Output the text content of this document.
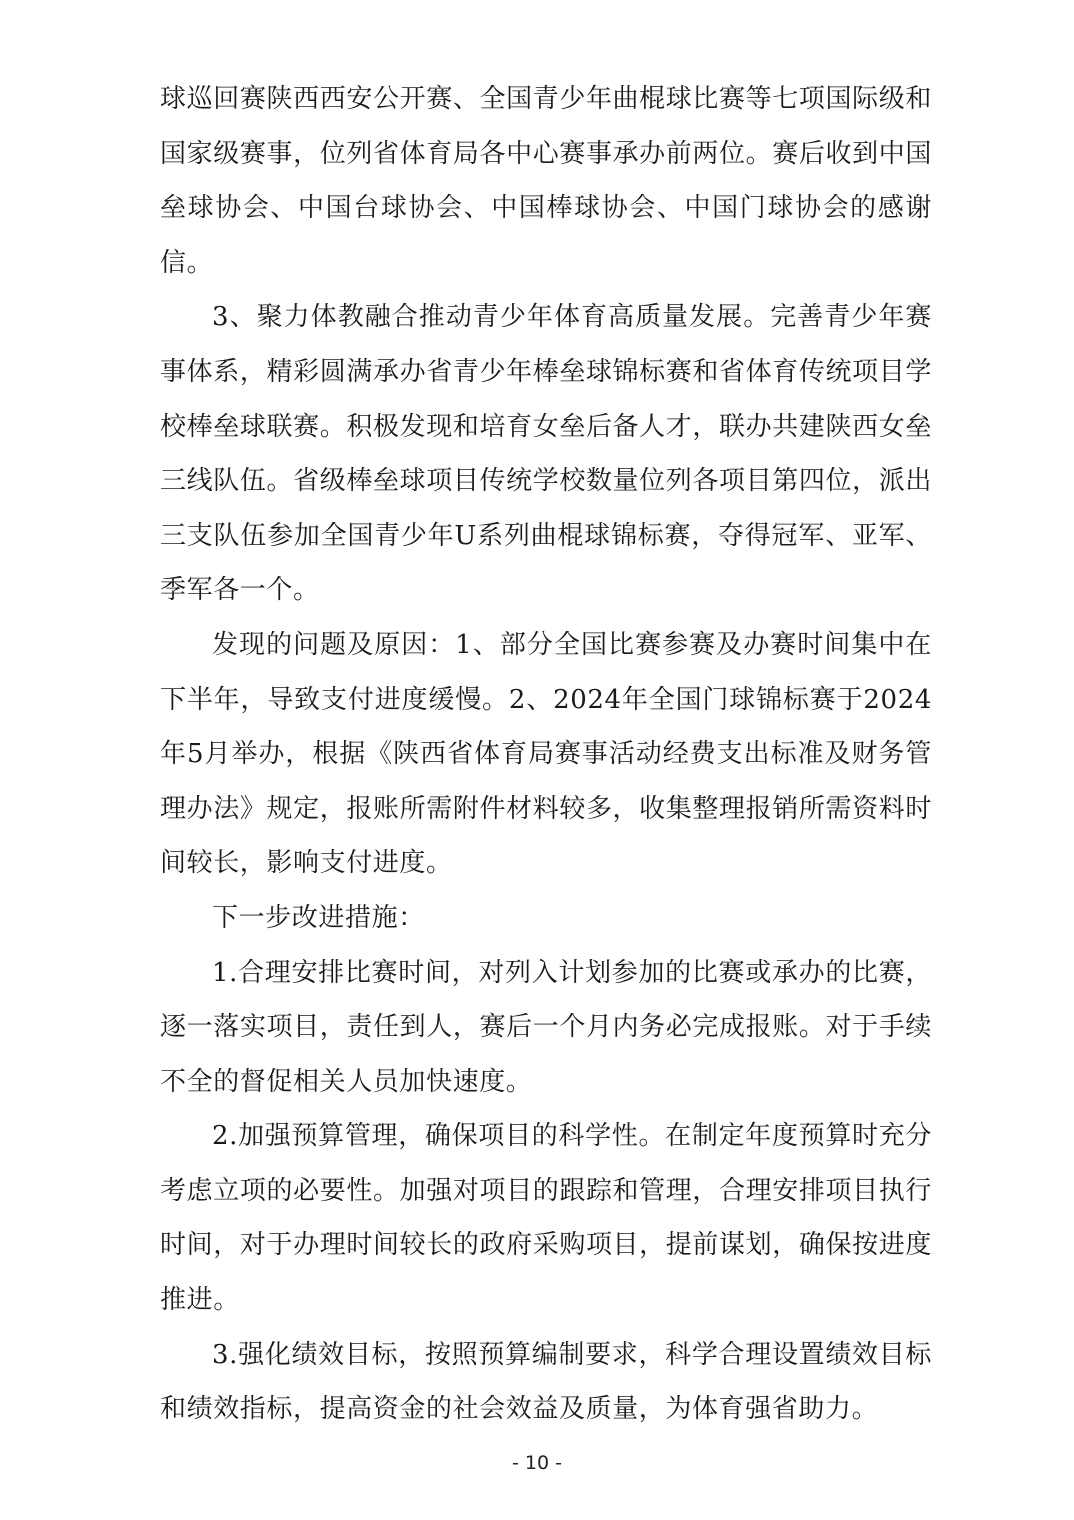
球巡回赛陕西西安公开赛、全国青少年曲棍球比赛等七项国际级和国家级赛事，位列省体育局各中心赛事承办前两位。赛后收到中国垒球协会、中国台球协会、中国棒球协会、中国门球协会的感谢信。

3、聚力体教融合推动青少年体育高质量发展。完善青少年赛事体系，精彩圆满承办省青少年棒垒球锦标赛和省体育传统项目学校棒垒球联赛。积极发现和培育女垒后备人才，联办共建陕西女垒三线队伍。省级棒垒球项目传统学校数量位列各项目第四位，派出三支队伍参加全国青少年U系列曲棍球锦标赛，夺得冠军、亚军、季军各一个。

发现的问题及原因：1、部分全国比赛参赛及办赛时间集中在下半年，导致支付进度缓慢。2、2024年全国门球锦标赛于2024年5月举办，根据《陕西省体育局赛事活动经费支出标准及财务管理办法》规定，报账所需附件材料较多，收集整理报销所需资料时间较长，影响支付进度。

下一步改进措施：

1.合理安排比赛时间，对列入计划参加的比赛或承办的比赛，逐一落实项目，责任到人，赛后一个月内务必完成报账。对于手续不全的督促相关人员加快速度。

2.加强预算管理，确保项目的科学性。在制定年度预算时充分考虑立项的必要性。加强对项目的跟踪和管理，合理安排项目执行时间，对于办理时间较长的政府采购项目，提前谋划，确保按进度推进。

3.强化绩效目标，按照预算编制要求，科学合理设置绩效目标和绩效指标，提高资金的社会效益及质量，为体育强省助力。

- 10 -
